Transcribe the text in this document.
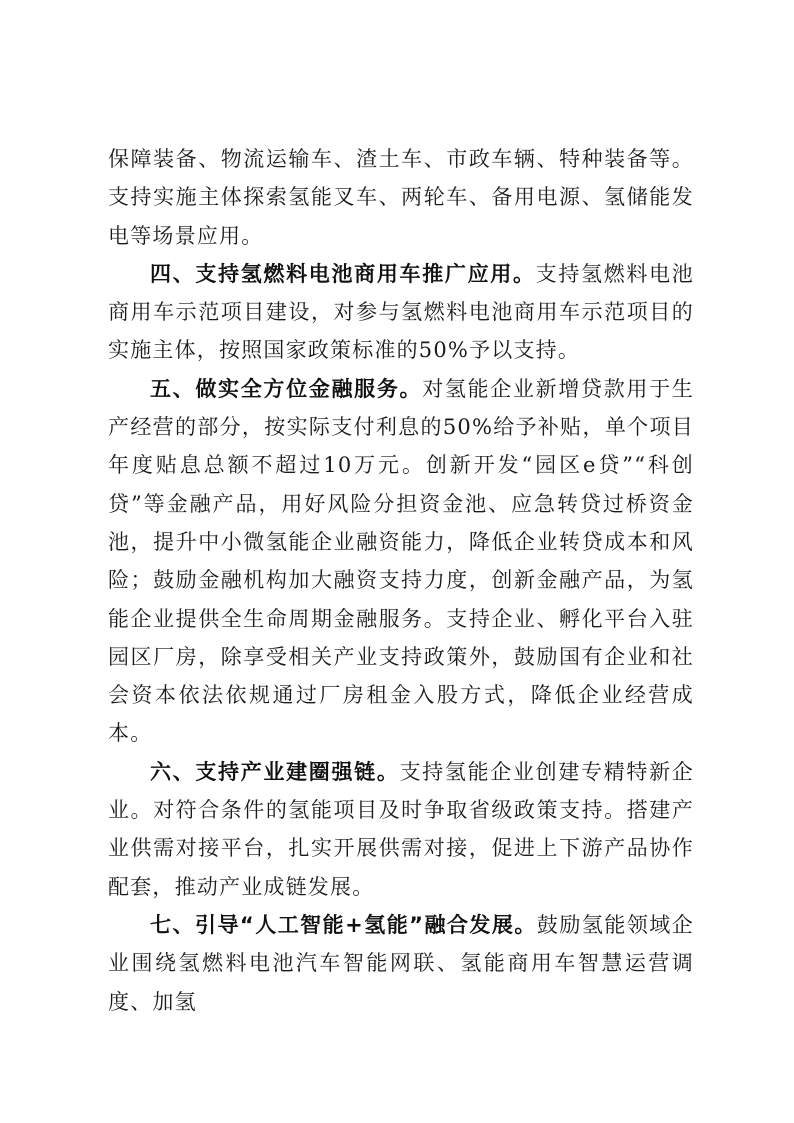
保障装备、物流运输车、渣土车、市政车辆、特种装备等。支持实施主体探索氢能叉车、两轮车、备用电源、氢储能发电等场景应用。

四、支持氢燃料电池商用车推广应用。支持氢燃料电池商用车示范项目建设，对参与氢燃料电池商用车示范项目的实施主体，按照国家政策标准的50%予以支持。

五、做实全方位金融服务。对氢能企业新增贷款用于生产经营的部分，按实际支付利息的50%给予补贴，单个项目年度贴息总额不超过10万元。创新开发“园区e贷”“科创贷”等金融产品，用好风险分担资金池、应急转贷过桥资金池，提升中小微氢能企业融资能力，降低企业转贷成本和风险；鼓励金融机构加大融资支持力度，创新金融产品，为氢能企业提供全生命周期金融服务。支持企业、孵化平台入驻园区厂房，除享受相关产业支持政策外，鼓励国有企业和社会资本依法依规通过厂房租金入股方式，降低企业经营成本。

六、支持产业建圈强链。支持氢能企业创建专精特新企业。对符合条件的氢能项目及时争取省级政策支持。搭建产业供需对接平台，扎实开展供需对接，促进上下游产品协作配套，推动产业成链发展。

七、引导“人工智能+氢能”融合发展。鼓励氢能领域企业围绕氢燃料电池汽车智能网联、氢能商用车智慧运营调度、加氢
